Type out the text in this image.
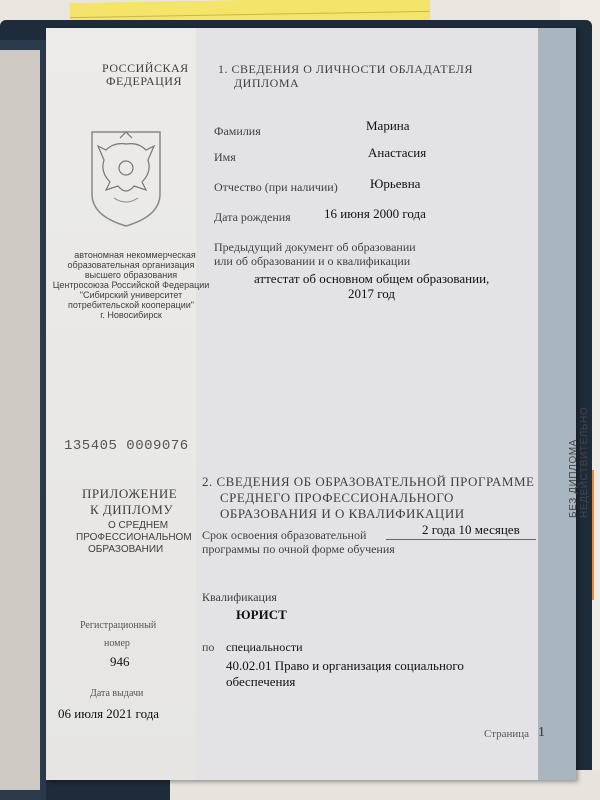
РОССИЙСКАЯ
ФЕДЕРАЦИЯ
1. СВЕДЕНИЯ О ЛИЧНОСТИ ОБЛАДАТЕЛЯ
ДИПЛОМА
автономная некоммерческая
образовательная организация
высшего образования
Центросоюза Российской Федерации
"Сибирский университет
потребительской кооперации"
г. Новосибирск
Фамилия	Марина
Имя	Анастасия
Отчество (при наличии) Юрьевна
Дата рождения	16 июня 2000 года
Предыдущий документ об образовании
или об образовании и о квалификации
аттестат об основном общем образовании,
2017 год
135405 0009076
ПРИЛОЖЕНИЕ
К ДИПЛОМУ
О СРЕДНЕМ
ПРОФЕССИОНАЛЬНОМ
ОБРАЗОВАНИИ
Регистрационный
номер
946
Дата выдачи
06 июля 2021 года
2. СВЕДЕНИЯ ОБ ОБРАЗОВАТЕЛЬНОЙ ПРОГРАММЕ
СРЕДНЕГО ПРОФЕССИОНАЛЬНОГО
ОБРАЗОВАНИЯ И О КВАЛИФИКАЦИИ
Срок освоения образовательной	2 года 10 месяцев
программы по очной форме обучения
Квалификация
ЮРИСТ
по специальности
40.02.01 Право и организация социального
обеспечения
Страница 1
БЕЗ ДИПЛОМА НЕДЕЙСТВИТЕЛЬНО
